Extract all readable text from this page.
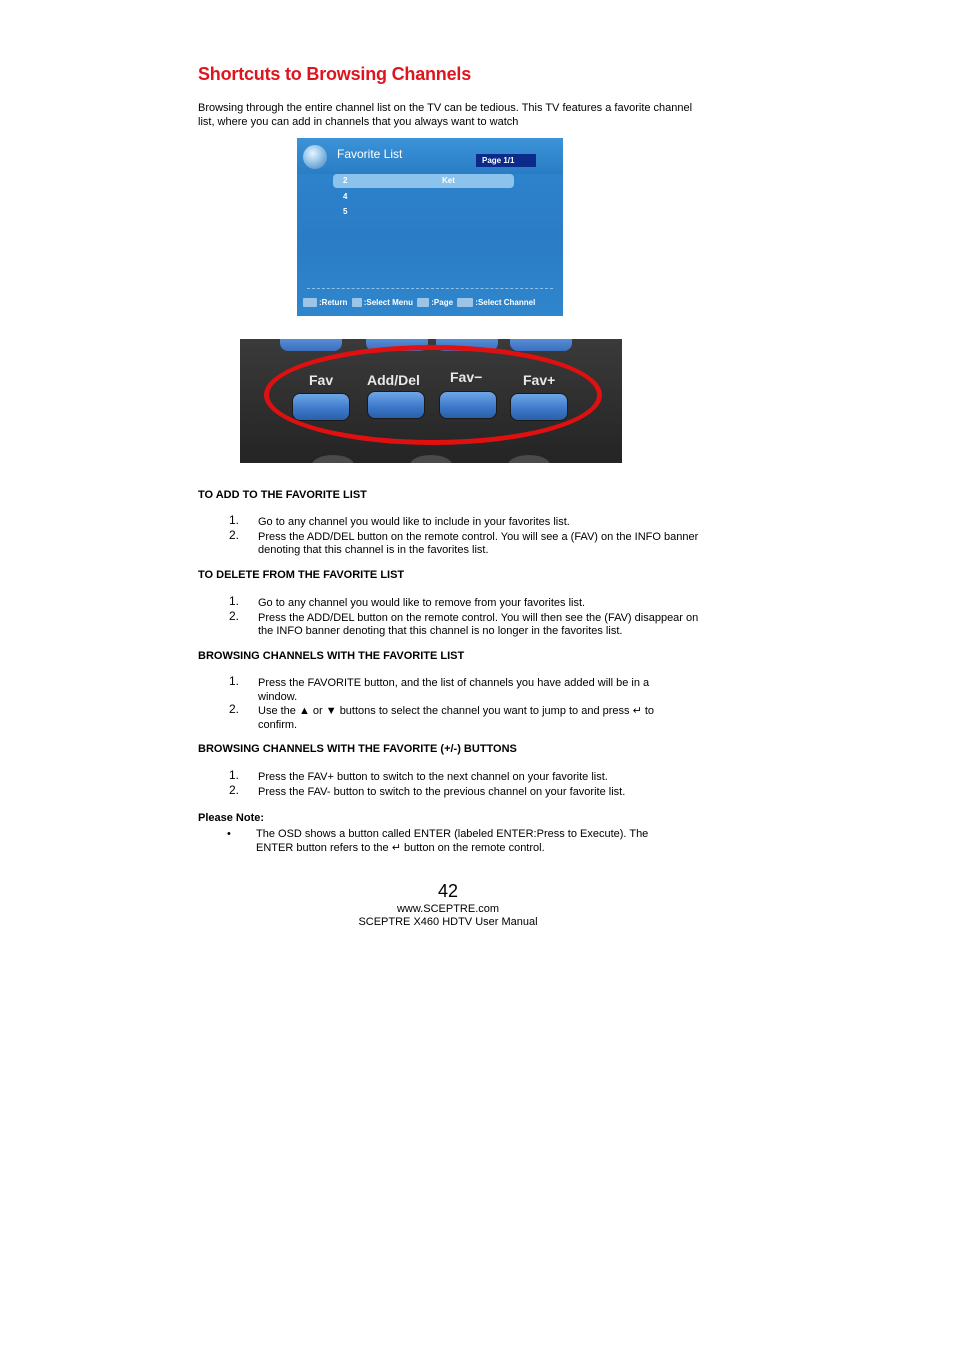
Shortcuts to Browsing Channels
Browsing through the entire channel list on the TV can be tedious. This TV features a favorite channel list, where you can add in channels that you always want to watch
Favorite List	Page 1/1
2	Ket
4
5
:Return :Select Menu :Page	:Select Channel
Fav Add/Del Fav−	Fav+
TO ADD TO THE FAVORITE LIST
1. Go to any channel you would like to include in your favorites list.
2. Press the ADD/DEL button on the remote control. You will see a (FAV) on the INFO banner denoting that this channel is in the favorites list.
TO DELETE FROM THE FAVORITE LIST
1. Go to any channel you would like to remove from your favorites list.
2. Press the ADD/DEL button on the remote control. You will then see the (FAV) disappear on the INFO banner denoting that this channel is no longer in the favorites list.
BROWSING CHANNELS WITH THE FAVORITE LIST
1. Press the FAVORITE button, and the list of channels you have added will be in a window.
2. Use the ▲ or ▼ buttons to select the channel you want to jump to and press ↵ to confirm.
BROWSING CHANNELS WITH THE FAVORITE (+/-) BUTTONS
1. Press the FAV+ button to switch to the next channel on your favorite list.
2. Press the FAV- button to switch to the previous channel on your favorite list.
Please Note:
• The OSD shows a button called ENTER (labeled ENTER:Press to Execute). The ENTER button refers to the ↵ button on the remote control.
42
www.SCEPTRE.com
SCEPTRE X460 HDTV User Manual
